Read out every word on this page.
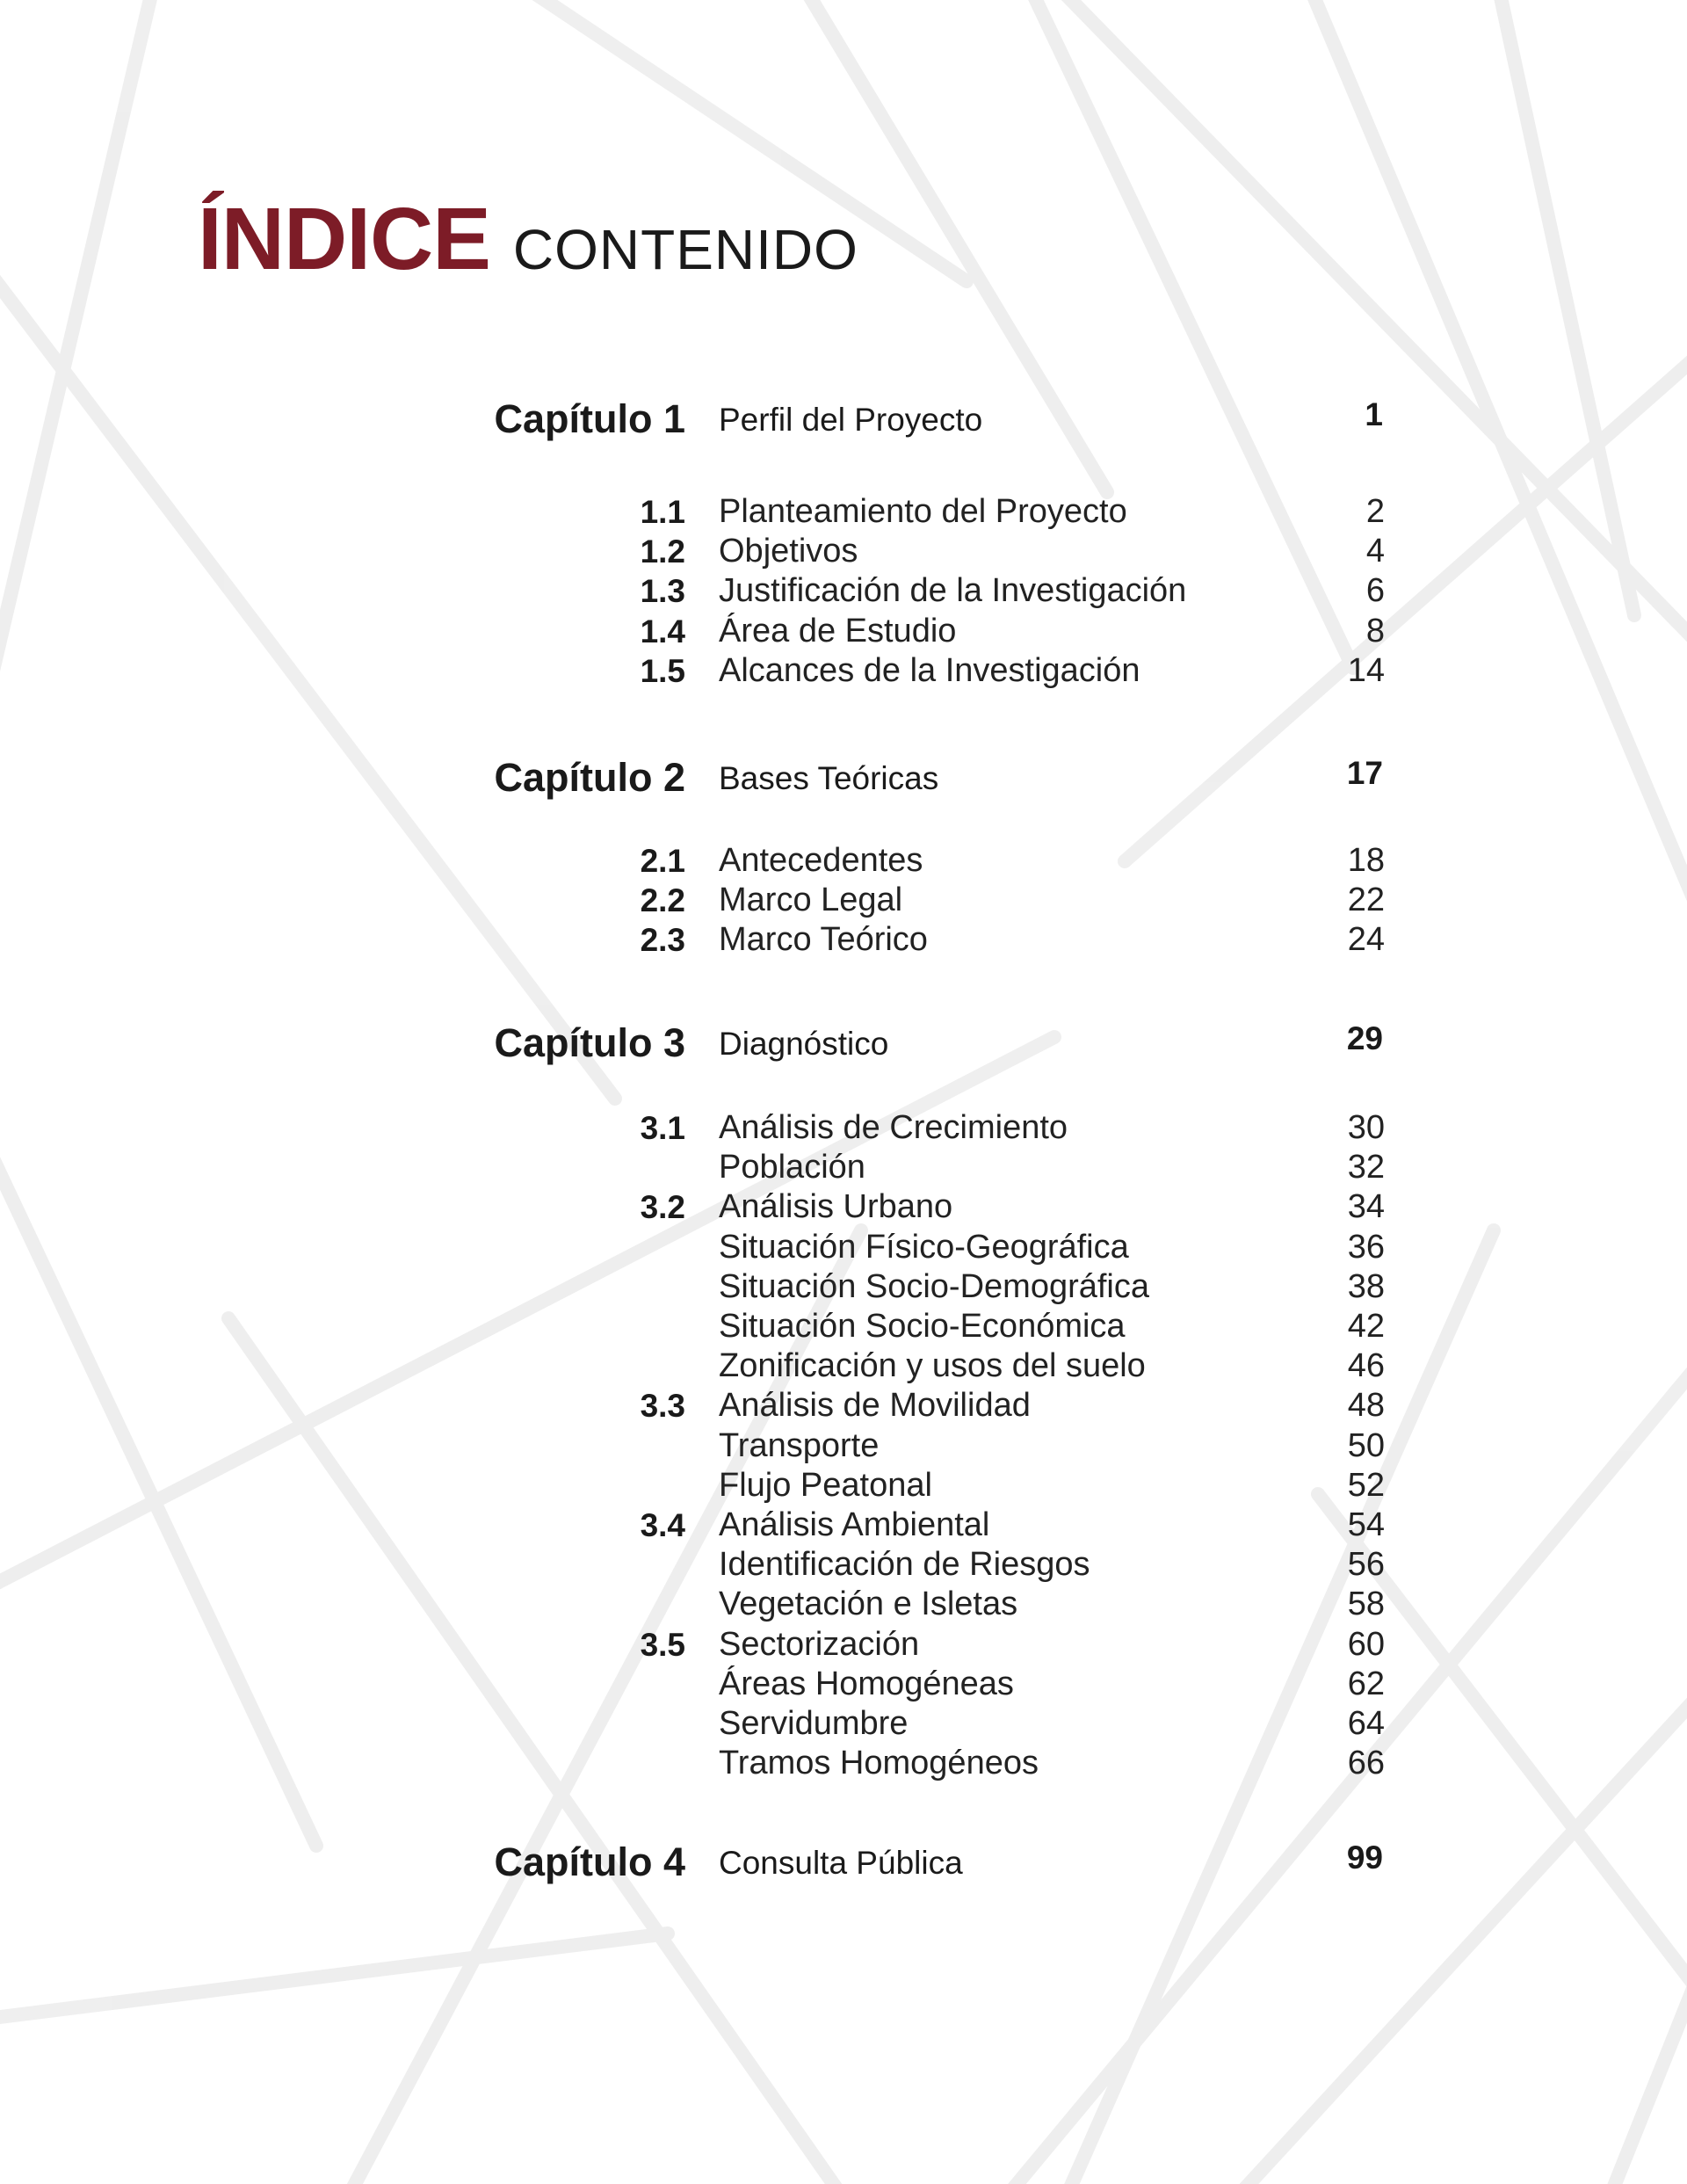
ÍNDICE CONTENIDO
Capítulo 1 Perfil del Proyecto	1
1.1 Planteamiento del Proyecto	2
1.2 Objetivos	4
1.3 Justificación de la Investigación	6
1.4 Área de Estudio	8
1.5 Alcances de la Investigación	14
Capítulo 2 Bases Teóricas	17
2.1 Antecedentes	18
2.2 Marco Legal	22
2.3 Marco Teórico	24
Capítulo 3 Diagnóstico	29
3.1 Análisis de Crecimiento	30
Población	32
3.2 Análisis Urbano	34
Situación Físico-Geográfica	36
Situación Socio-Demográfica	38
Situación Socio-Económica	42
Zonificación y usos del suelo	46
3.3 Análisis de Movilidad	48
Transporte	50
Flujo Peatonal	52
3.4 Análisis Ambiental	54
Identificación de Riesgos	56
Vegetación e Isletas	58
3.5 Sectorización	60
Áreas Homogéneas	62
Servidumbre	64
Tramos Homogéneos	66
Capítulo 4 Consulta Pública	99
